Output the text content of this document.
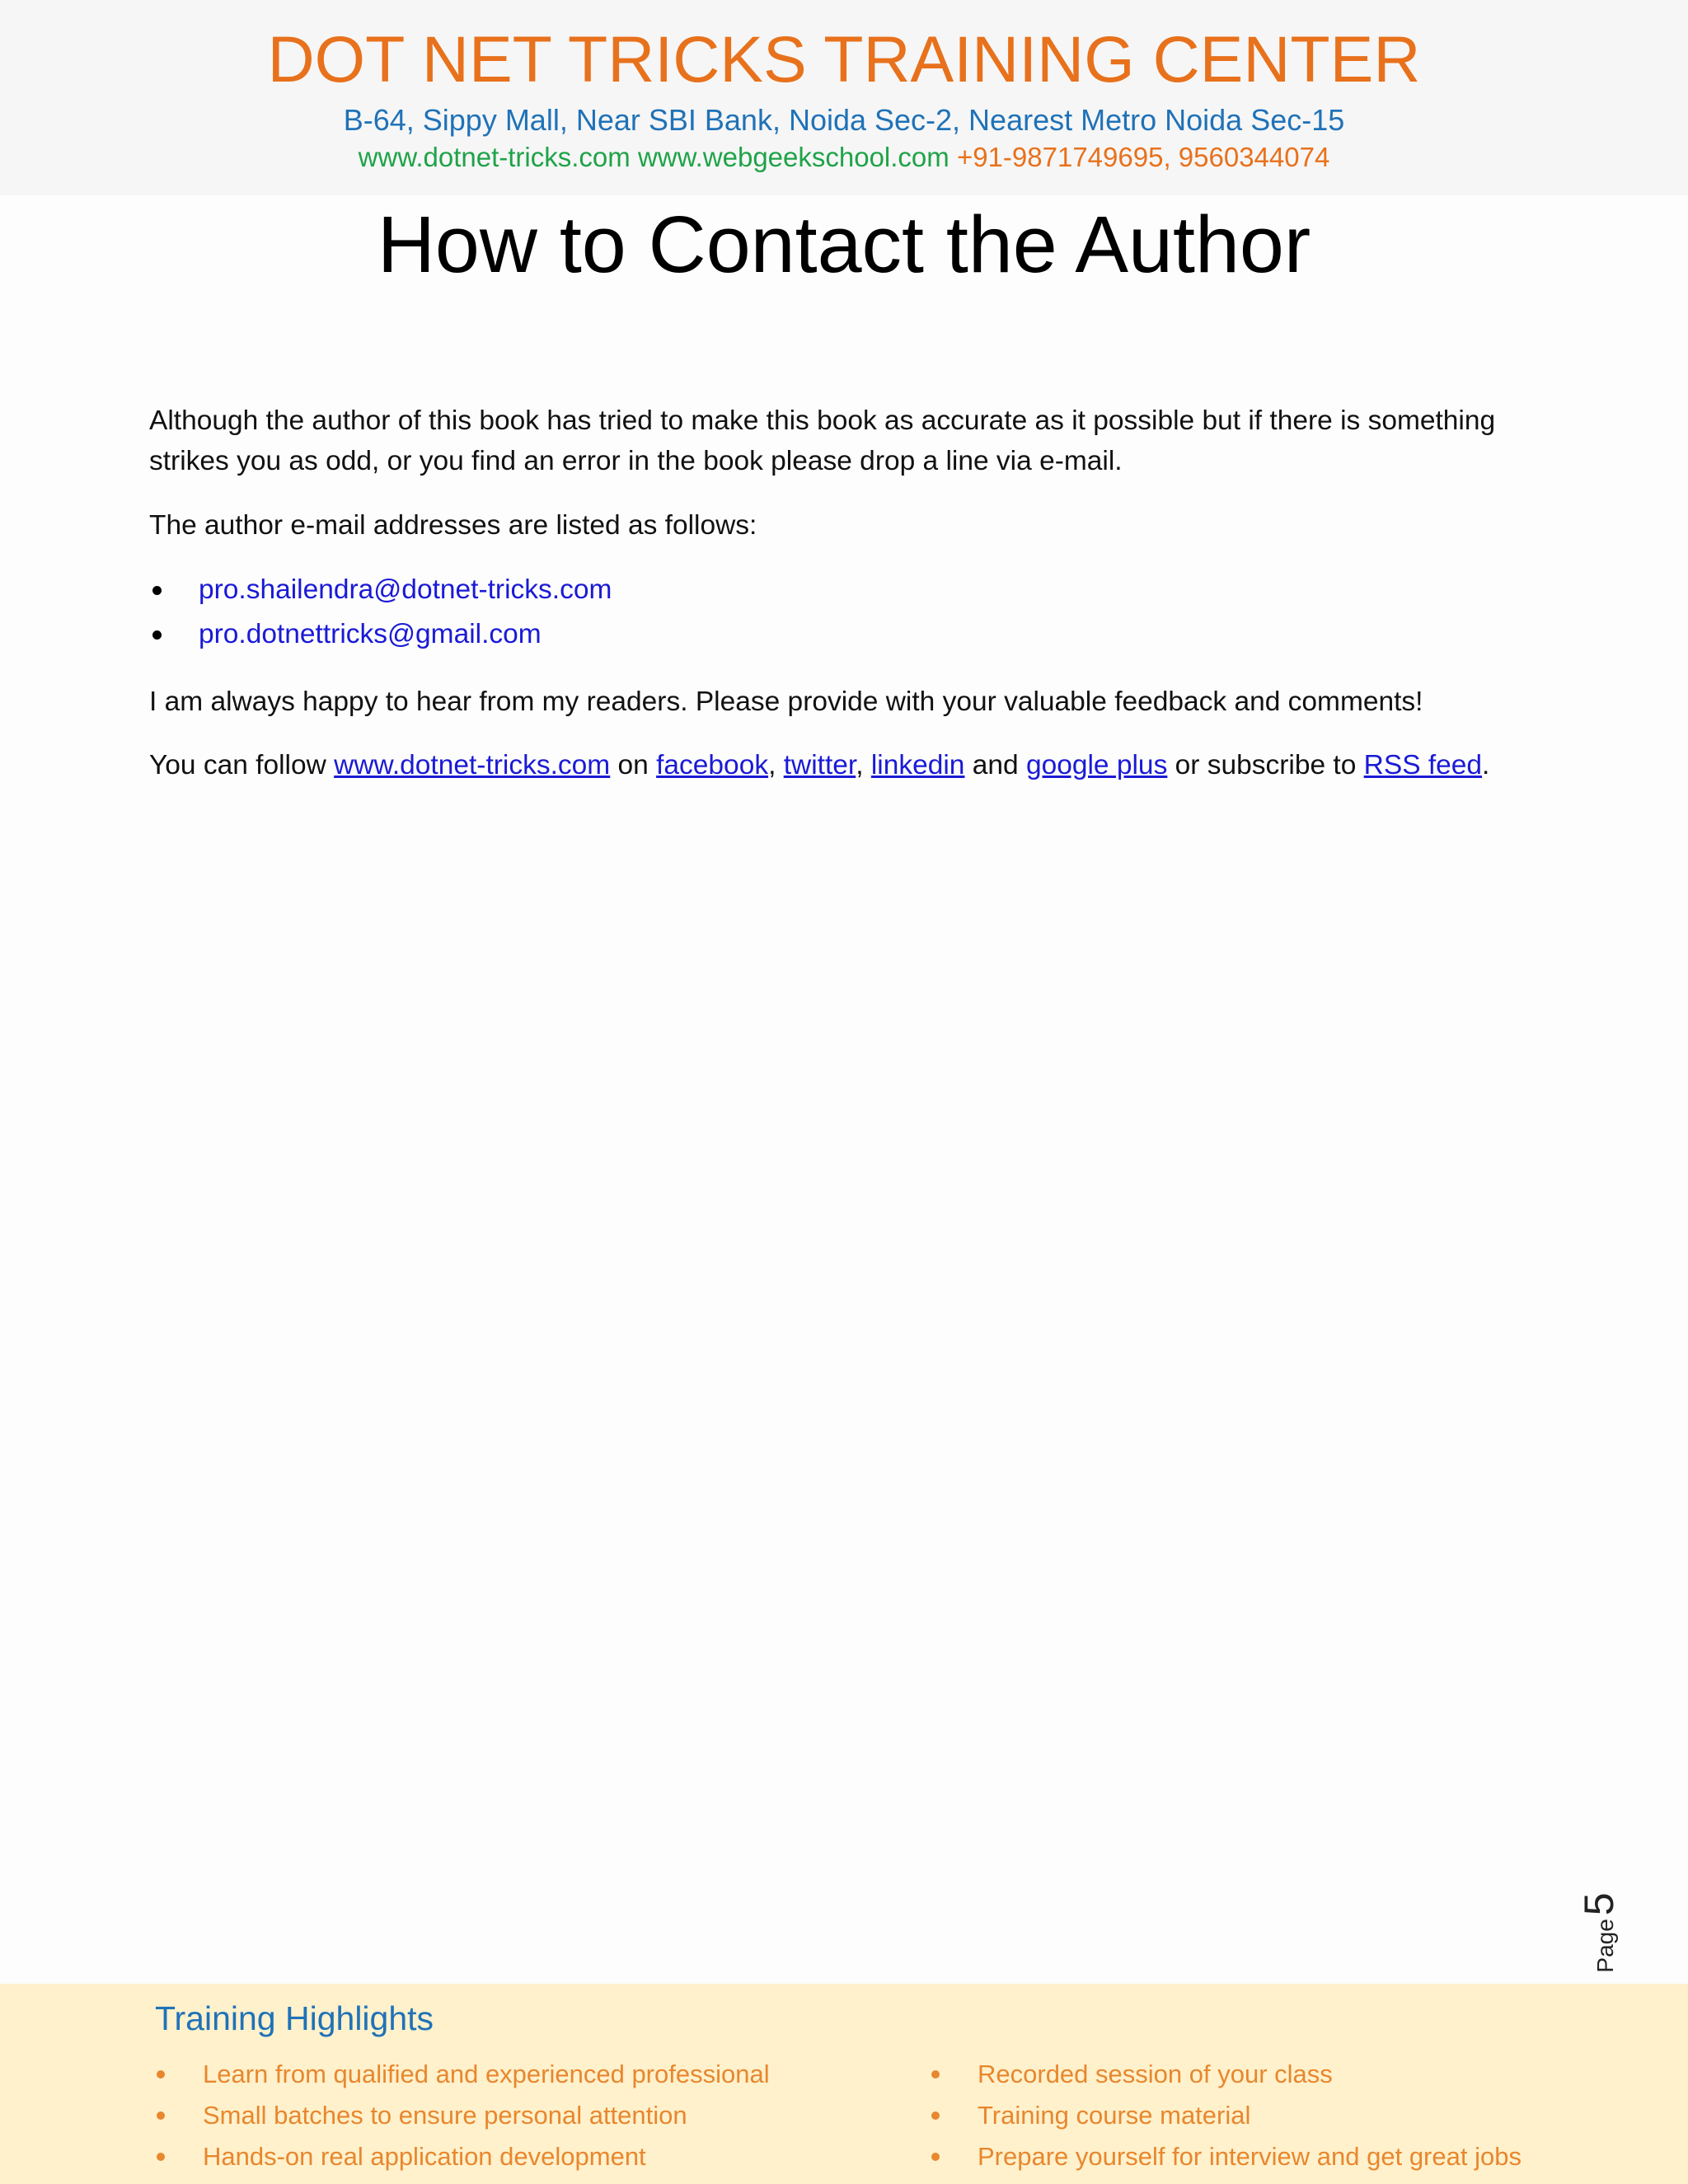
DOT NET TRICKS TRAINING CENTER
B-64, Sippy Mall, Near SBI Bank, Noida Sec-2, Nearest Metro Noida Sec-15
www.dotnet-tricks.com www.webgeekschool.com +91-9871749695, 9560344074
How to Contact the Author
Although the author of this book has tried to make this book as accurate as it possible but if there is something strikes you as odd, or you find an error in the book please drop a line via e-mail.
The author e-mail addresses are listed as follows:
pro.shailendra@dotnet-tricks.com
pro.dotnettricks@gmail.com
I am always happy to hear from my readers. Please provide with your valuable feedback and comments!
You can follow www.dotnet-tricks.com on facebook, twitter, linkedin and google plus or subscribe to RSS feed.
Page
5
Training Highlights
Learn from qualified and experienced professional
Small batches to ensure personal attention
Hands-on real application development
Recorded session of your class
Training course material
Prepare yourself for interview and get great jobs
